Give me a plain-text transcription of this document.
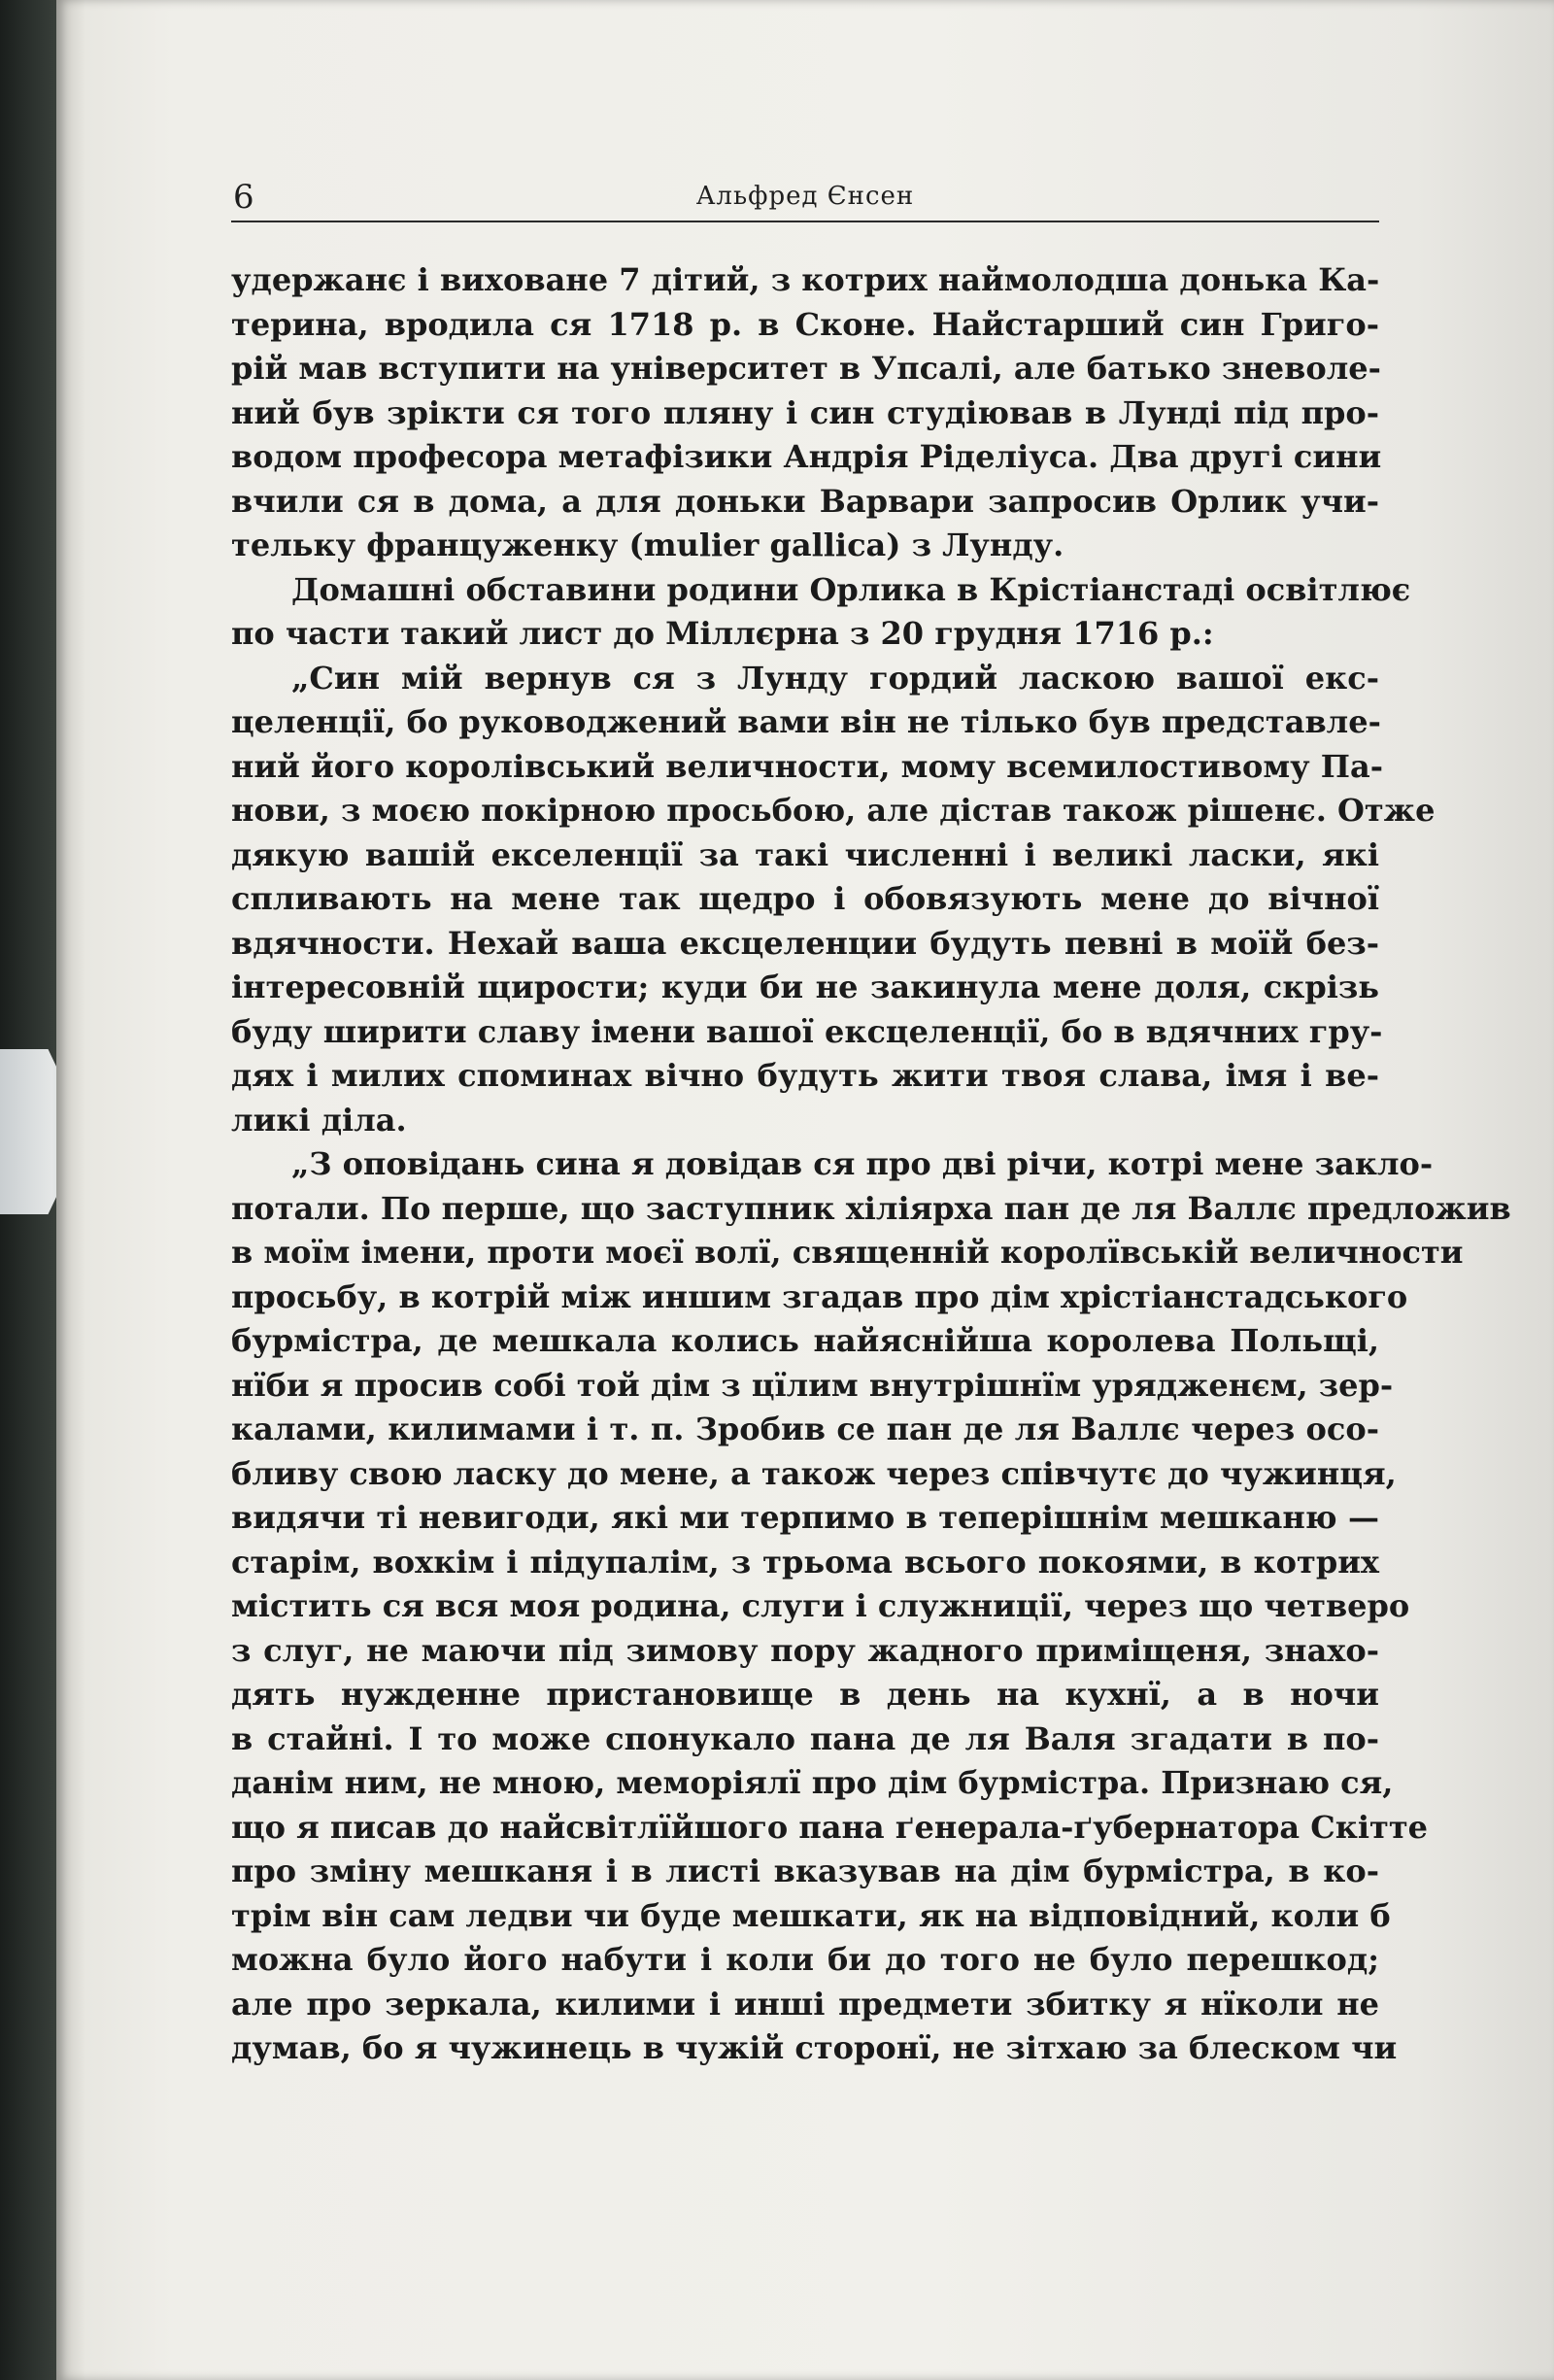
6	Альфред Єнсен
удержанє і виховане 7 дітий, з котрих наймолодша донька Ка-
терина, вродила ся 1718 р. в Сконе. Найстарший син Григо-
рій мав вступити на університет в Упсалі, але батько зневоле-
ний був зрікти ся того пляну і син студіював в Лунді під про-
водом професора метафізики Андрія Ріделіуса. Два другі сини
вчили ся в дома, а для доньки Варвари запросив Орлик учи-
тельку француженку (mulier gallica) з Лунду.
Домашні обставини родини Орлика в Крістіанстаді освітлює
по части такий лист до Міллєрна з 20 грудня 1716 р.:
„Син мій вернув ся з Лунду гордий ласкою вашої екс-
целенції, бо руководжений вами він не тілько був представле-
ний його королівський величности, мому всемилостивому Па-
нови, з моєю покірною просьбою, але дістав також рішенє. Отже
дякую вашій екселенції за такі численні і великі ласки, які
спливають на мене так щедро і обовязують мене до вічної
вдячности. Нехай ваша ексцеленции будуть певні в моїй без-
інтересовній щирости; куди би не закинула мене доля, скрізь
буду ширити славу імени вашої ексцеленції, бо в вдячних гру-
дях і милих споминах вічно будуть жити твоя слава, імя і ве-
ликі діла.
„З оповідань сина я довідав ся про дві річи, котрі мене закло-
потали. По перше, що заступник хіліярха пан де ля Валлє предложив
в моїм імени, проти моєї волї, священній королївській величности
просьбу, в котрій між иншим згадав про дім хрістіанстадського
бурмістра, де мешкала колись найяснійша королева Польщі,
нїби я просив собі той дім з цїлим внутрішнїм урядженєм, зер-
калами, килимами і т. п. Зробив се пан де ля Валлє через осо-
бливу свою ласку до мене, а також через співчутє до чужинця,
видячи ті невигоди, які ми терпимо в теперішнім мешканю —
старім, вохкім і підупалім, з трьома всього покоями, в котрих
містить ся вся моя родина, слуги і служниції, через що четверо
з слуг, не маючи під зимову пору жадного приміщеня, знахо-
дять нужденне пристановище в день на кухнї, а в ночи
в стайні. І то може спонукало пана де ля Валя згадати в по-
данім ним, не мною, меморіялї про дім бурмістра. Признаю ся,
що я писав до найсвітлїйшого пана ґенерала-ґубернатора Скітте
про зміну мешканя і в листі вказував на дім бурмістра, в ко-
трім він сам ледви чи буде мешкати, як на відповідний, коли б
можна було його набути і коли би до того не було перешкод;
але про зеркала, килими і инші предмети збитку я нїколи не
думав, бо я чужинець в чужій сторонї, не зітхаю за блеском чи
